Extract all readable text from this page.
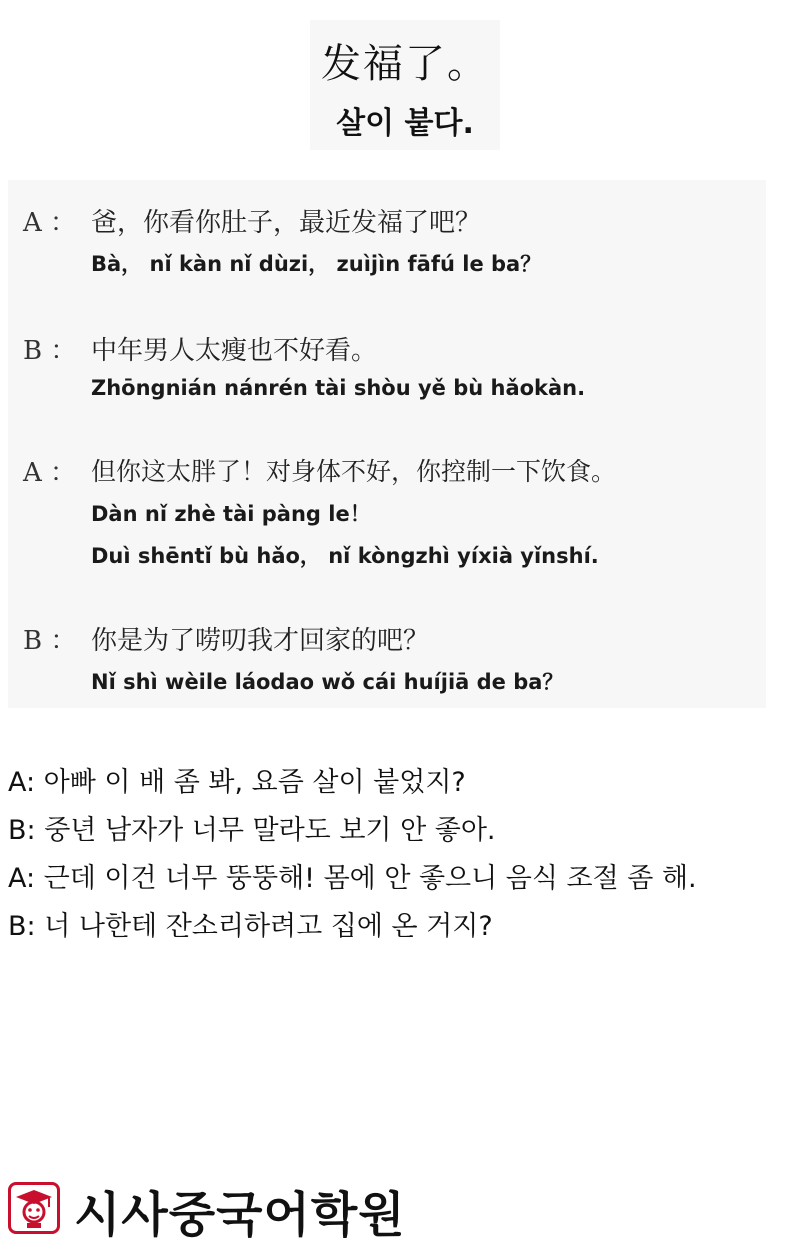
发福了。
살이 붙다.
A ： 爸，你看你肚子，最近发福了吧？
Bà， nǐ kàn nǐ dùzi， zuìjìn fāfú le ba？
B ： 中年男人太瘦也不好看。
Zhōngnián nánrén tài shòu yě bù hǎokàn.
A ： 但你这太胖了！对身体不好，你控制一下饮食。
Dàn nǐ zhè tài pàng le！
Duì shēntǐ bù hǎo， nǐ kòngzhì yíxià yǐnshí.
B ： 你是为了唠叨我才回家的吧？
Nǐ shì wèile láodao wǒ cái huíjiā de ba？
A: 아빠 이 배 좀 봐, 요즘 살이 붙었지?
B: 중년 남자가 너무 말라도 보기 안 좋아.
A: 근데 이건 너무 뚱뚱해! 몸에 안 좋으니 음식 조절 좀 해.
B: 너 나한테 잔소리하려고 집에 온 거지?
시사중국어학원
